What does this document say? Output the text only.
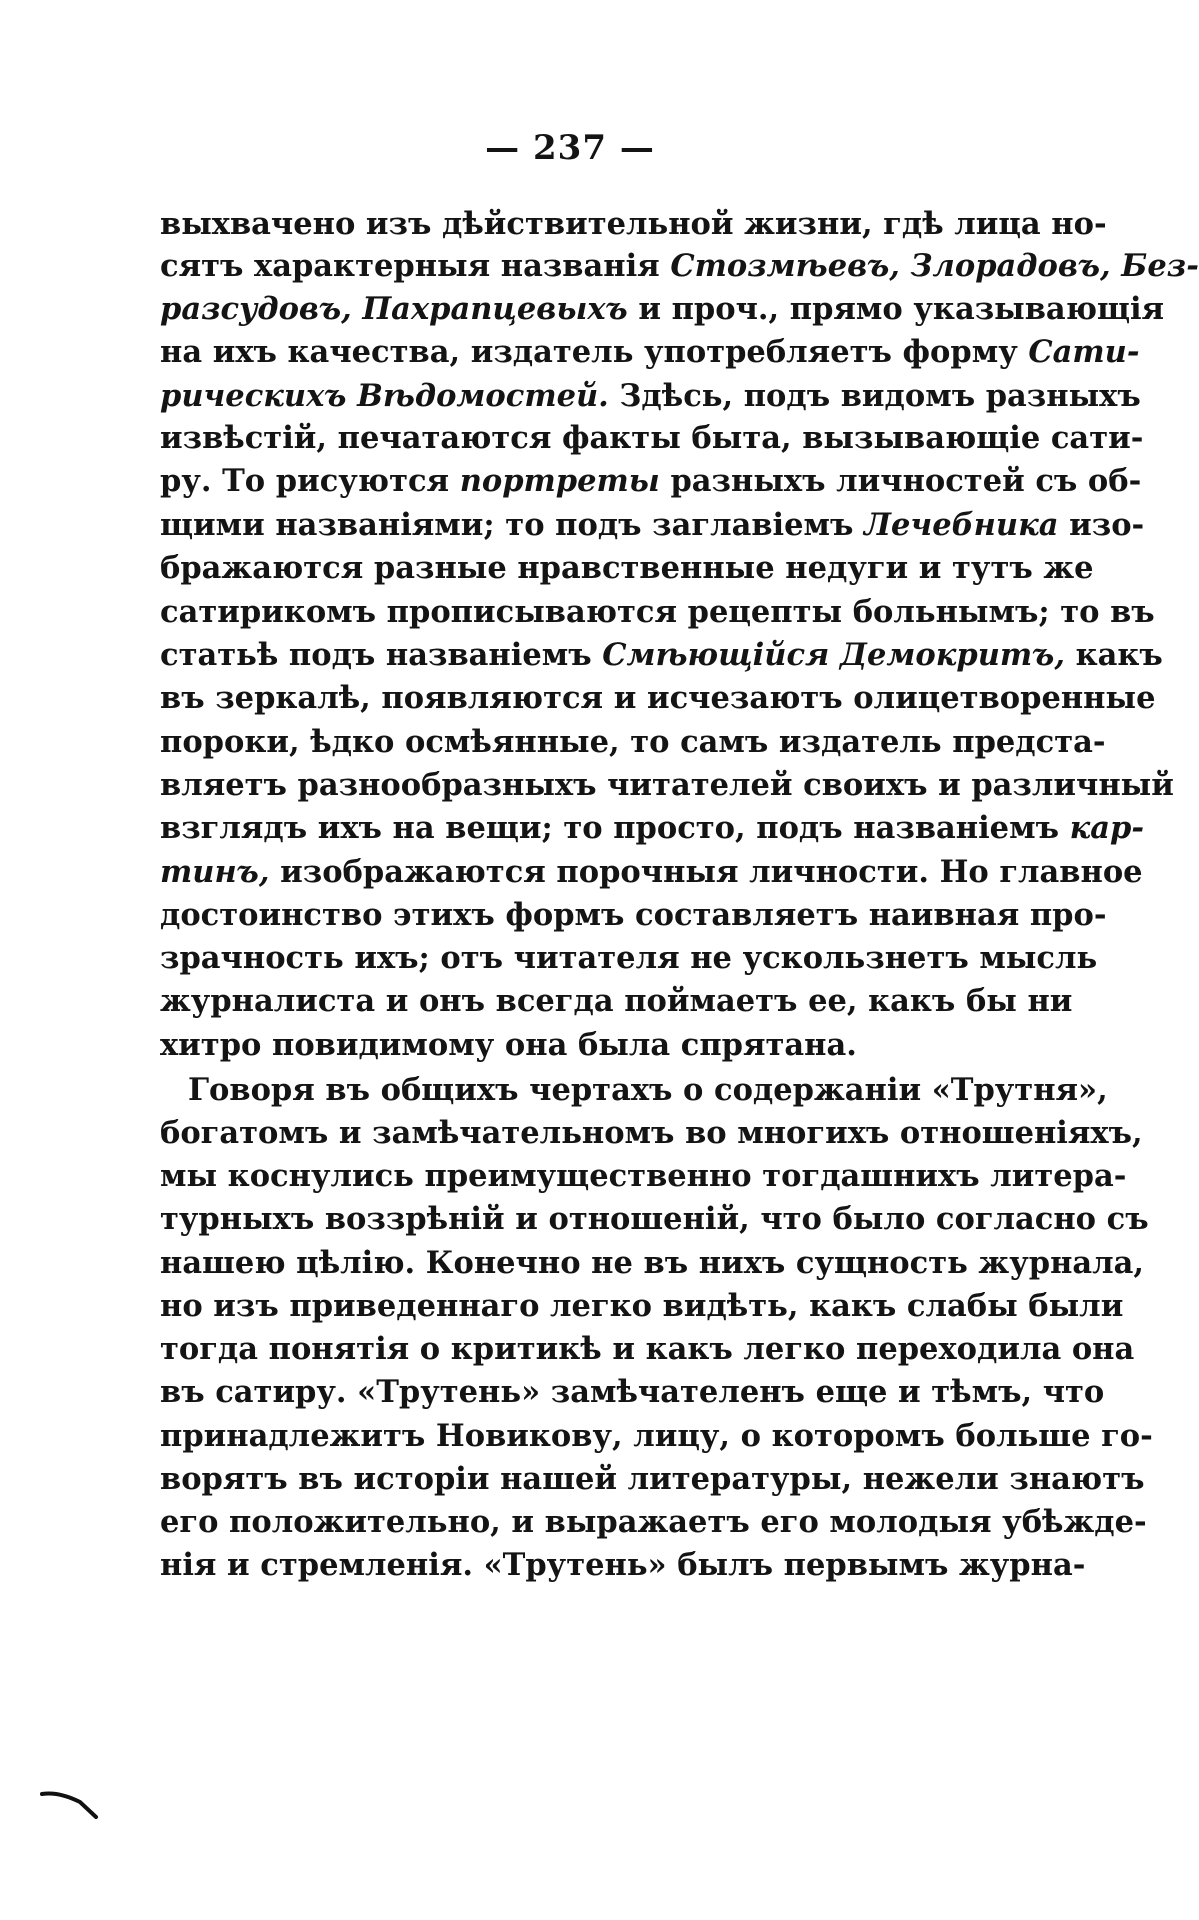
— 237 —
выхвачено изъ дѣйствительной жизни, гдѣ лица но-
сятъ характерныя названія Стозмѣевъ, Злорадовъ, Без-
разсудовъ, Пахрапцевыхъ и проч., прямо указывающія
на ихъ качества, издатель употребляетъ форму Сати-
рическихъ Вѣдомостей. Здѣсь, подъ видомъ разныхъ
извѣстій, печатаются факты быта, вызывающіе сати-
ру. То рисуются портреты разныхъ личностей съ об-
щими названіями; то подъ заглавіемъ Лечебника изо-
бражаются разные нравственные недуги и тутъ же
сатирикомъ прописываются рецепты больнымъ; то въ
статьѣ подъ названіемъ Смѣющійся Демокритъ, какъ
въ зеркалѣ, появляются и исчезаютъ олицетворенные
пороки, ѣдко осмѣянные, то самъ издатель предста-
вляетъ разнообразныхъ читателей своихъ и различный
взглядъ ихъ на вещи; то просто, подъ названіемъ кар-
тинъ, изображаются порочныя личности. Но главное
достоинство этихъ формъ составляетъ наивная про-
зрачность ихъ; отъ читателя не ускользнетъ мысль
журналиста и онъ всегда поймаетъ ее, какъ бы ни
хитро повидимому она была спрятана.
Говоря въ общихъ чертахъ о содержаніи «Трутня»,
богатомъ и замѣчательномъ во многихъ отношеніяхъ,
мы коснулись преимущественно тогдашнихъ литера-
турныхъ воззрѣній и отношеній, что было согласно съ
нашею цѣлію. Конечно не въ нихъ сущность журнала,
но изъ приведеннаго легко видѣть, какъ слабы были
тогда понятія о критикѣ и какъ легко переходила она
въ сатиру. «Трутень» замѣчателенъ еще и тѣмъ, что
принадлежитъ Новикову, лицу, о которомъ больше го-
ворятъ въ исторіи нашей литературы, нежели знаютъ
его положительно, и выражаетъ его молодыя убѣжде-
нія и стремленія. «Трутень» былъ первымъ журна-
